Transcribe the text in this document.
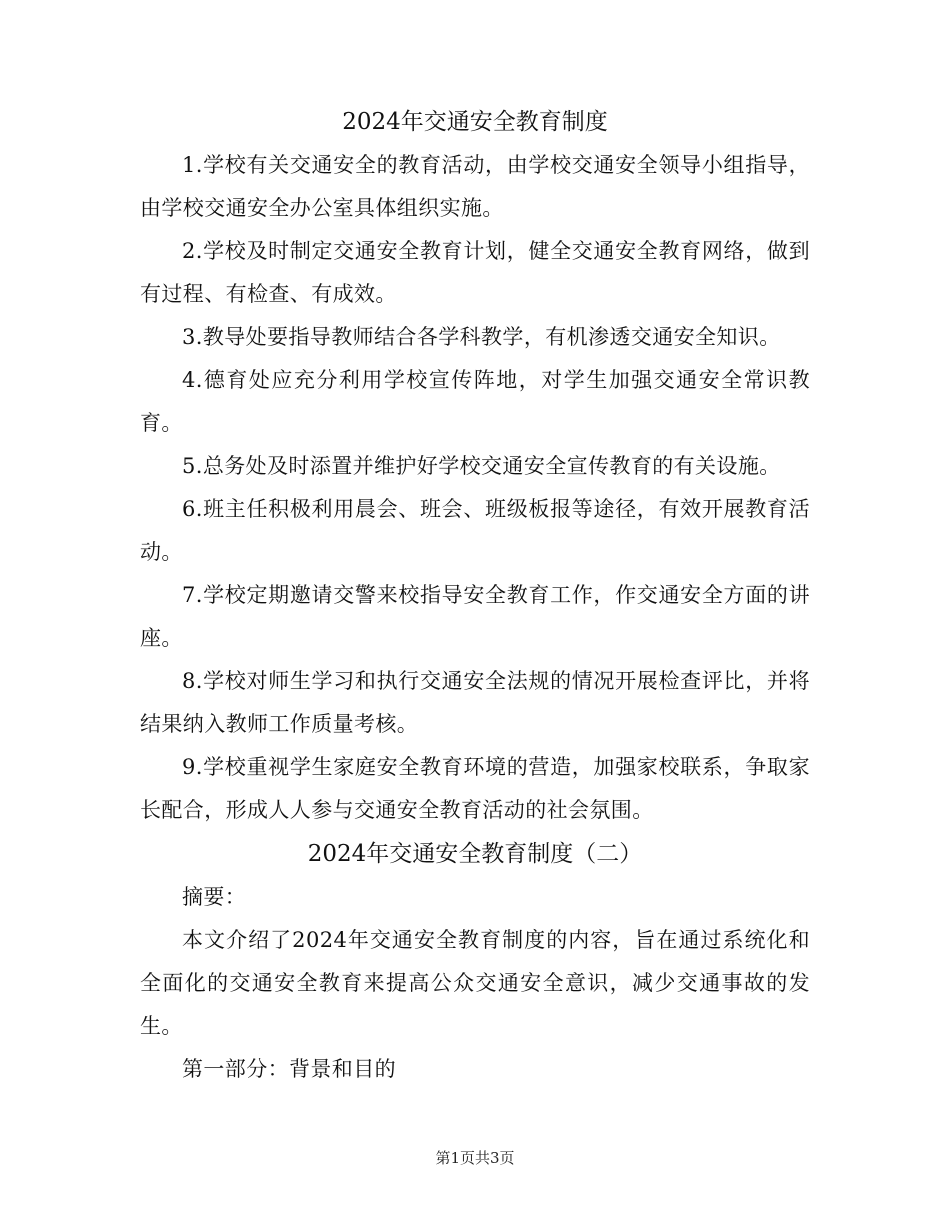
2024年交通安全教育制度

1.学校有关交通安全的教育活动，由学校交通安全领导小组指导，由学校交通安全办公室具体组织实施。

2.学校及时制定交通安全教育计划，健全交通安全教育网络，做到有过程、有检查、有成效。

3.教导处要指导教师结合各学科教学，有机渗透交通安全知识。

4.德育处应充分利用学校宣传阵地，对学生加强交通安全常识教育。

5.总务处及时添置并维护好学校交通安全宣传教育的有关设施。

6.班主任积极利用晨会、班会、班级板报等途径，有效开展教育活动。

7.学校定期邀请交警来校指导安全教育工作，作交通安全方面的讲座。

8.学校对师生学习和执行交通安全法规的情况开展检查评比，并将结果纳入教师工作质量考核。

9.学校重视学生家庭安全教育环境的营造，加强家校联系，争取家长配合，形成人人参与交通安全教育活动的社会氛围。

2024年交通安全教育制度（二）

摘要：

本文介绍了2024年交通安全教育制度的内容，旨在通过系统化和全面化的交通安全教育来提高公众交通安全意识，减少交通事故的发生。

第一部分：背景和目的

第1页共3页
